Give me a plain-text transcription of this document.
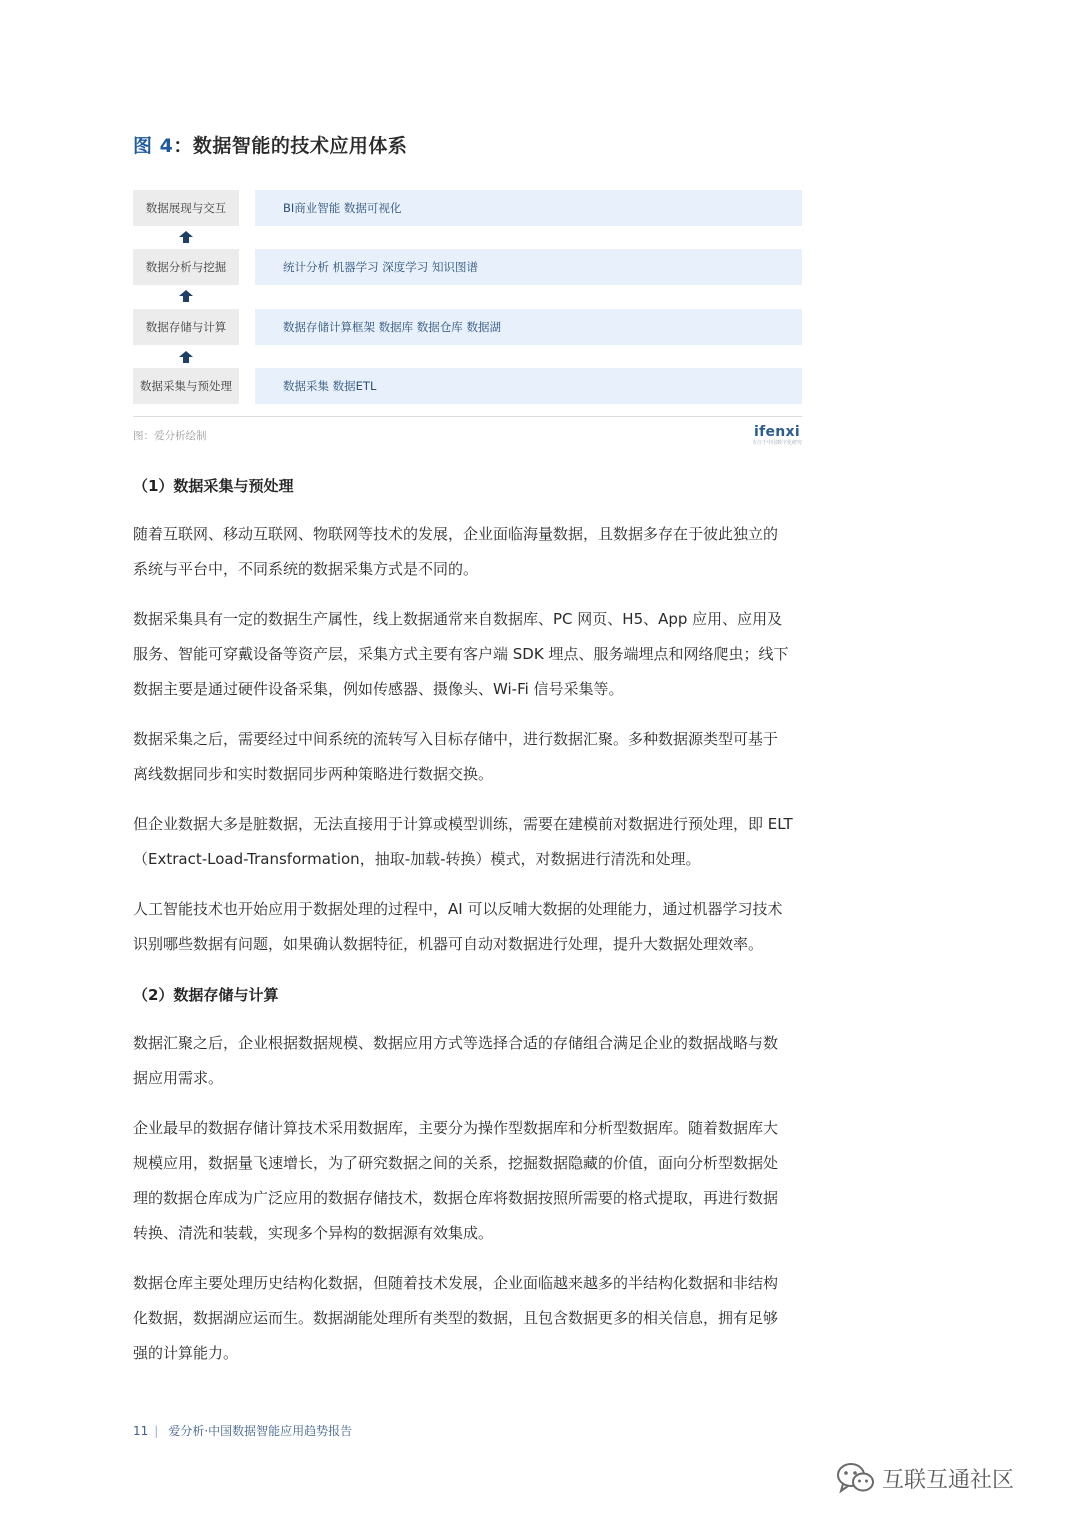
图 4：数据智能的技术应用体系
数据展现与交互	BI商业智能 数据可视化
数据分析与挖掘	统计分析 机器学习 深度学习 知识图谱
数据存储与计算	数据存储计算框架 数据库 数据仓库 数据湖
数据采集与预处理	数据采集 数据ETL
图：爱分析绘制	ifenxi
专注于中国数字化研究
（1）数据采集与预处理
随着互联网、移动互联网、物联网等技术的发展，企业面临海量数据，且数据多存在于彼此独立的
系统与平台中，不同系统的数据采集方式是不同的。
数据采集具有一定的数据生产属性，线上数据通常来自数据库、PC 网页、H5、App 应用、应用及
服务、智能可穿戴设备等资产层，采集方式主要有客户端 SDK 埋点、服务端埋点和网络爬虫；线下
数据主要是通过硬件设备采集，例如传感器、摄像头、Wi-Fi 信号采集等。
数据采集之后，需要经过中间系统的流转写入目标存储中，进行数据汇聚。多种数据源类型可基于
离线数据同步和实时数据同步两种策略进行数据交换。
但企业数据大多是脏数据，无法直接用于计算或模型训练，需要在建模前对数据进行预处理，即 ELT
（Extract-Load-Transformation，抽取-加载-转换）模式，对数据进行清洗和处理。
人工智能技术也开始应用于数据处理的过程中，AI 可以反哺大数据的处理能力，通过机器学习技术
识别哪些数据有问题，如果确认数据特征，机器可自动对数据进行处理，提升大数据处理效率。
（2）数据存储与计算
数据汇聚之后，企业根据数据规模、数据应用方式等选择合适的存储组合满足企业的数据战略与数
据应用需求。
企业最早的数据存储计算技术采用数据库，主要分为操作型数据库和分析型数据库。随着数据库大
规模应用，数据量飞速增长，为了研究数据之间的关系，挖掘数据隐藏的价值，面向分析型数据处
理的数据仓库成为广泛应用的数据存储技术，数据仓库将数据按照所需要的格式提取，再进行数据
转换、清洗和装载，实现多个异构的数据源有效集成。
数据仓库主要处理历史结构化数据，但随着技术发展，企业面临越来越多的半结构化数据和非结构
化数据，数据湖应运而生。数据湖能处理所有类型的数据，且包含数据更多的相关信息，拥有足够
强的计算能力。
11 | 爱分析·中国数据智能应用趋势报告
互联互通社区
